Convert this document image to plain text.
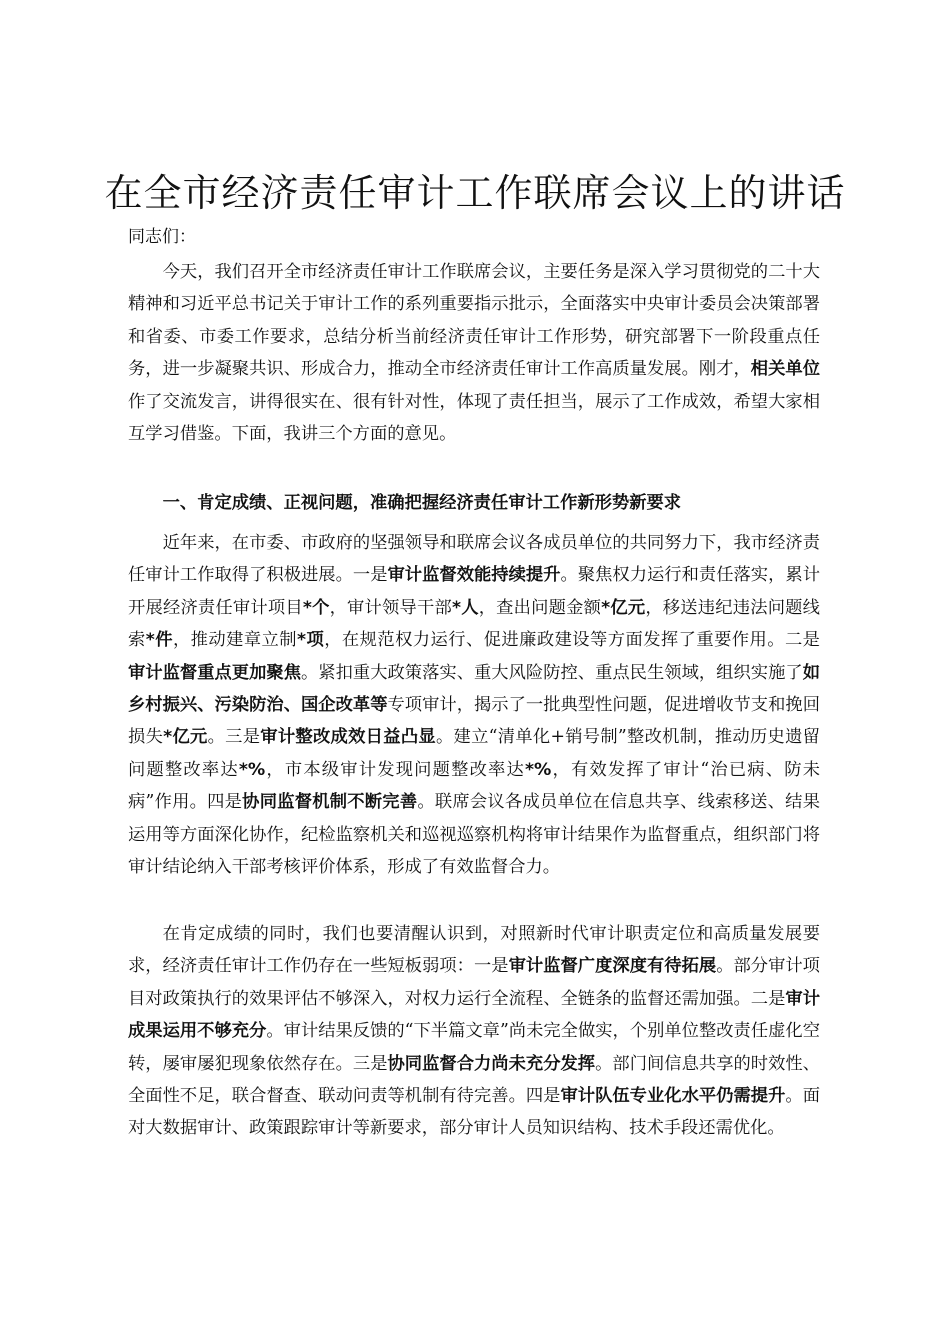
在全市经济责任审计工作联席会议上的讲话
同志们：

今天，我们召开全市经济责任审计工作联席会议，主要任务是深入学习贯彻党的二十大精神和习近平总书记关于审计工作的系列重要指示批示，全面落实中央审计委员会决策部署和省委、市委工作要求，总结分析当前经济责任审计工作形势，研究部署下一阶段重点任务，进一步凝聚共识、形成合力，推动全市经济责任审计工作高质量发展。刚才，相关单位作了交流发言，讲得很实在、很有针对性，体现了责任担当，展示了工作成效，希望大家相互学习借鉴。下面，我讲三个方面的意见。

一、肯定成绩、正视问题，准确把握经济责任审计工作新形势新要求

近年来，在市委、市政府的坚强领导和联席会议各成员单位的共同努力下，我市经济责任审计工作取得了积极进展。一是审计监督效能持续提升。聚焦权力运行和责任落实，累计开展经济责任审计项目*个，审计领导干部*人，查出问题金额*亿元，移送违纪违法问题线索*件，推动建章立制*项，在规范权力运行、促进廉政建设等方面发挥了重要作用。二是审计监督重点更加聚焦。紧扣重大政策落实、重大风险防控、重点民生领域，组织实施了如乡村振兴、污染防治、国企改革等专项审计，揭示了一批典型性问题，促进增收节支和挽回损失*亿元。三是审计整改成效日益凸显。建立“清单化+销号制”整改机制，推动历史遗留问题整改率达*%，市本级审计发现问题整改率达*%，有效发挥了审计“治已病、防未病”作用。四是协同监督机制不断完善。联席会议各成员单位在信息共享、线索移送、结果运用等方面深化协作，纪检监察机关和巡视巡察机构将审计结果作为监督重点，组织部门将审计结论纳入干部考核评价体系，形成了有效监督合力。

在肯定成绩的同时，我们也要清醒认识到，对照新时代审计职责定位和高质量发展要求，经济责任审计工作仍存在一些短板弱项：一是审计监督广度深度有待拓展。部分审计项目对政策执行的效果评估不够深入，对权力运行全流程、全链条的监督还需加强。二是审计成果运用不够充分。审计结果反馈的“下半篇文章”尚未完全做实，个别单位整改责任虚化空转，屡审屡犯现象依然存在。三是协同监督合力尚未充分发挥。部门间信息共享的时效性、全面性不足，联合督查、联动问责等机制有待完善。四是审计队伍专业化水平仍需提升。面对大数据审计、政策跟踪审计等新要求，部分审计人员知识结构、技术手段还需优化。
